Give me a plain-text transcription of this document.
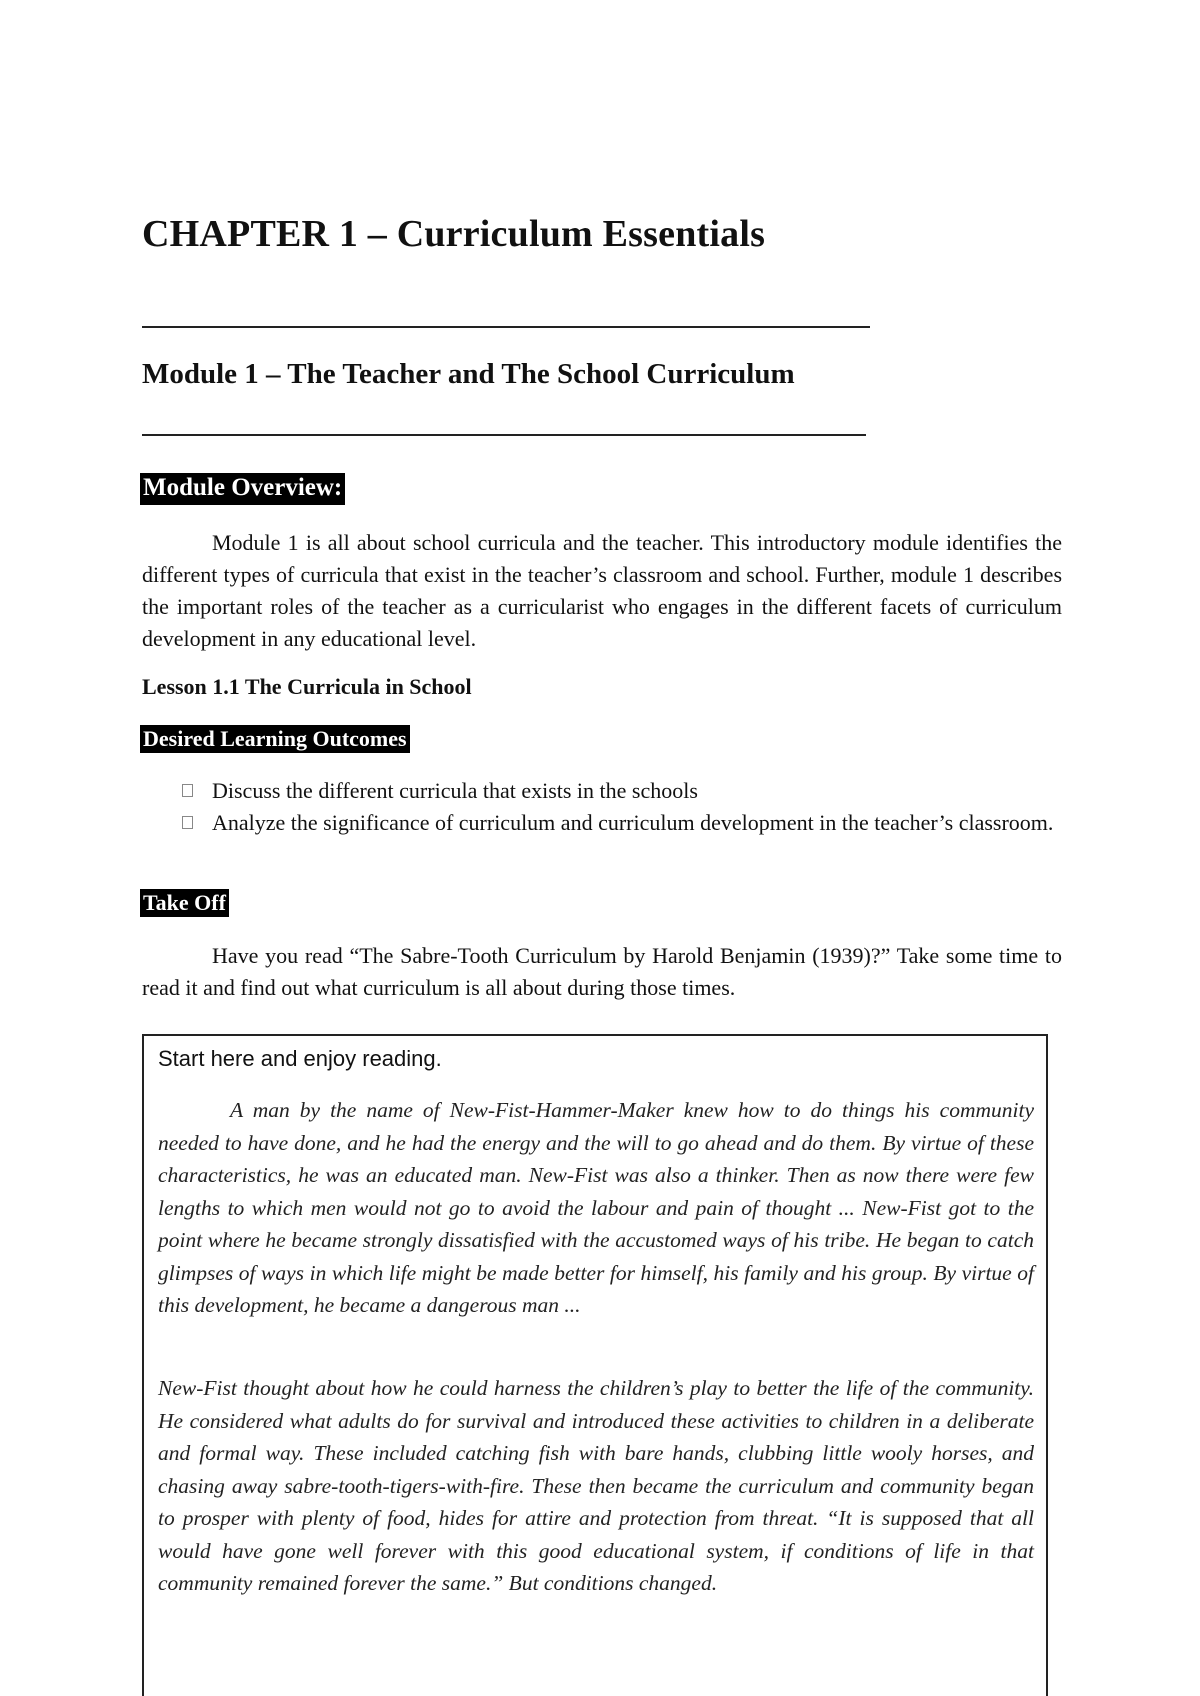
CHAPTER 1 – Curriculum Essentials
Module 1 – The Teacher and The School Curriculum
Module Overview:

Module 1 is all about school curricula and the teacher. This introductory module identifies the different types of curricula that exist in the teacher’s classroom and school. Further, module 1 describes the important roles of the teacher as a curricularist who engages in the different facets of curriculum development in any educational level.

Lesson 1.1 The Curricula in School
Desired Learning Outcomes
Discuss the different curricula that exists in the schools
Analyze the significance of curriculum and curriculum development in the teacher’s classroom.
Take Off

Have you read “The Sabre-Tooth Curriculum by Harold Benjamin (1939)?” Take some time to read it and find out what curriculum is all about during those times.

Start here and enjoy reading.

A man by the name of New-Fist-Hammer-Maker knew how to do things his community needed to have done, and he had the energy and the will to go ahead and do them. By virtue of these characteristics, he was an educated man. New-Fist was also a thinker. Then as now there were few lengths to which men would not go to avoid the labour and pain of thought ... New-Fist got to the point where he became strongly dissatisfied with the accustomed ways of his tribe. He began to catch glimpses of ways in which life might be made better for himself, his family and his group. By virtue of this development, he became a dangerous man ...

New-Fist thought about how he could harness the children’s play to better the life of the community. He considered what adults do for survival and introduced these activities to children in a deliberate and formal way. These included catching fish with bare hands, clubbing little wooly horses, and chasing away sabre-tooth-tigers-with-fire. These then became the curriculum and community began to prosper with plenty of food, hides for attire and protection from threat. “It is supposed that all would have gone well forever with this good educational system, if conditions of life in that community remained forever the same.” But conditions changed.
